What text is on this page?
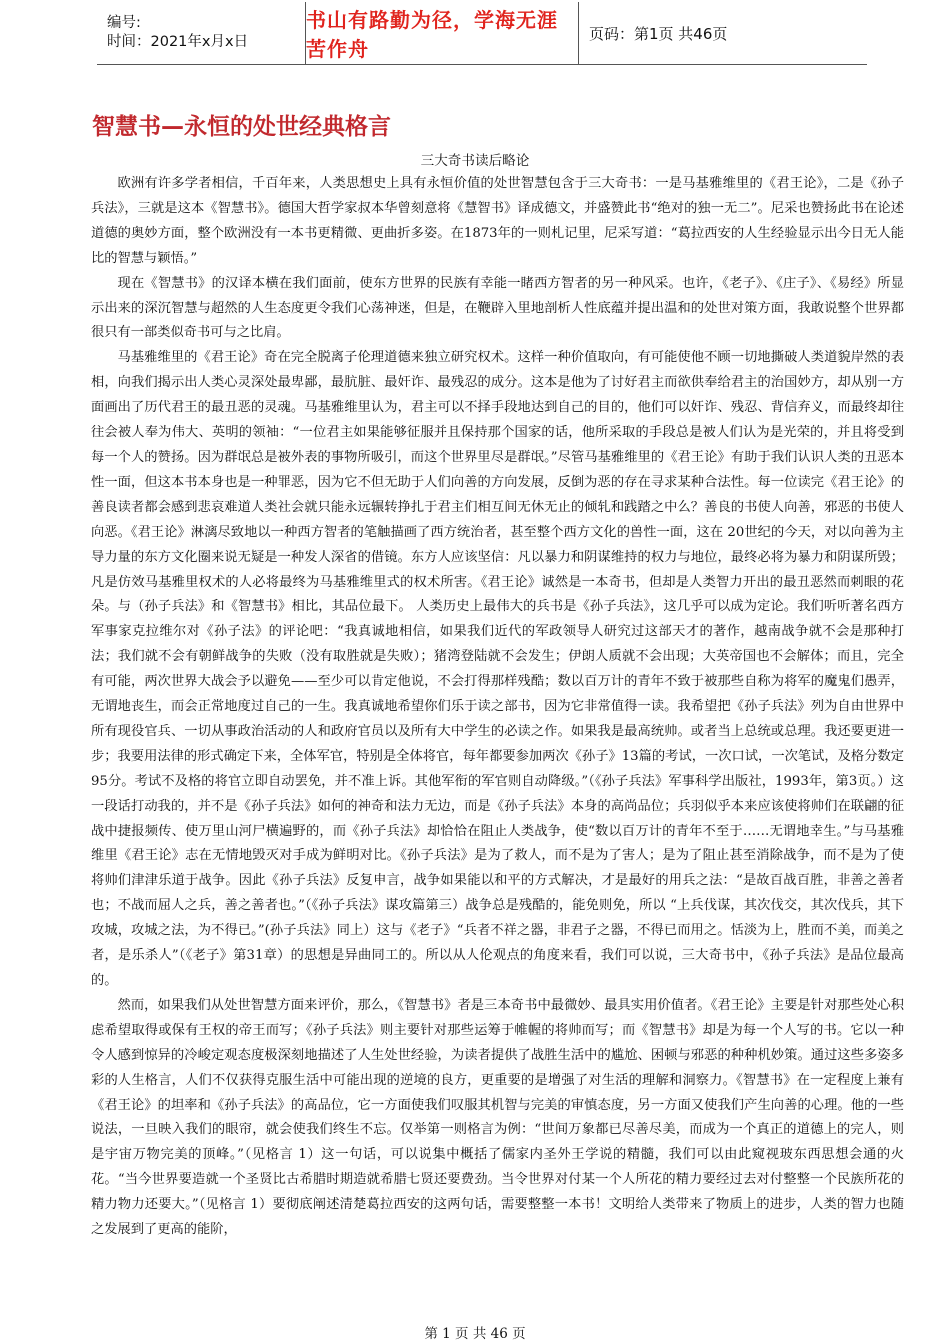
编号:
时间：2021年x月x日
书山有路勤为径，学海无涯苦作舟
页码：第1页 共46页
智慧书—永恒的处世经典格言
三大奇书读后略论

欧洲有许多学者相信，千百年来，人类思想史上具有永恒价值的处世智慧包含于三大奇书：一是马基雅维里的《君王论》，二是《孙子兵法》，三就是这本《智慧书》。德国大哲学家叔本华曾刻意将《慧智书》译成德文，并盛赞此书“绝对的独一无二”。尼采也赞扬此书在论述道德的奥妙方面，整个欧洲没有一本书更精微、更曲折多姿。在1873年的一则札记里，尼采写道：“葛拉西安的人生经验显示出今日无人能比的智慧与颖悟。”

现在《智慧书》的汉译本横在我们面前，使东方世界的民族有幸能一睹西方智者的另一种风采。也许，《老子》、《庄子》、《易经》所显示出来的深沉智慧与超然的人生态度更令我们心荡神迷，但是，在鞭辟入里地剖析人性底蕴并提出温和的处世对策方面，我敢说整个世界都很只有一部类似奇书可与之比肩。

马基雅维里的《君王论》奇在完全脱离子伦理道德来独立研究权术。这样一种价值取向，有可能使他不顾一切地撕破人类道貌岸然的表相，向我们揭示出人类心灵深处最卑鄙，最肮脏、最奸诈、最残忍的成分。这本是他为了讨好君主而欲供奉给君主的治国妙方，却从别一方面画出了历代君王的最丑恶的灵魂。马基雅维里认为，君主可以不择手段地达到自己的目的，他们可以奸诈、残忍、背信弃义，而最终却往往会被人奉为伟大、英明的领袖：“一位君主如果能够征服并且保持那个国家的话，他所采取的手段总是被人们认为是光荣的，并且将受到每一个人的赞扬。因为群氓总是被外表的事物所吸引，而这个世界里尽是群氓。”尽管马基雅维里的《君王论》有助于我们认识人类的丑恶本性一面，但这本书本身也是一种罪恶，因为它不但无助于人们向善的方向发展，反倒为恶的存在寻求某种合法性。每一位读完《君王论》的善良读者都会感到悲哀难道人类社会就只能永远辗转挣扎于君主们相互间无休无止的倾轧和践踏之中么？善良的书使人向善，邪恶的书使人向恶。《君王论》淋漓尽致地以一种西方智者的笔触描画了西方统治者，甚至整个西方文化的兽性一面，这在 20世纪的今天，对以向善为主导力量的东方文化圈来说无疑是一种发人深省的借镜。东方人应该坚信：凡以暴力和阴谋维持的权力与地位，最终必将为暴力和阴谋所毁；凡是仿效马基雅里权术的人必将最终为马基雅维里式的权术所害。《君王论》诚然是一本奇书，但却是人类智力开出的最丑恶然而刺眼的花朵。与（孙子兵法》和《智慧书》相比，其品位最下。 人类历史上最伟大的兵书是《孙子兵法》，这几乎可以成为定论。我们听听著名西方军事家克拉维尔对《孙子法》的评论吧：“我真诚地相信，如果我们近代的军政领导人研究过这部天才的著作，越南战争就不会是那种打法；我们就不会有朝鲜战争的失败（没有取胜就是失败）；猪湾登陆就不会发生；伊朗人质就不会出现；大英帝国也不会解体；而且，完全有可能，两次世界大战会予以避免——至少可以肯定他说，不会打得那样残酷；数以百万计的青年不致于被那些自称为将军的魔鬼们愚弄，无谓地丧生，而会正常地度过自己的一生。我真诚地希望你们乐于读之部书，因为它非常值得一读。我希望把《孙子兵法》列为自由世界中所有现役官兵、一切从事政治活动的人和政府官员以及所有大中学生的必读之作。如果我是最高统帅。或者当上总统或总理。我还要更进一步；我要用法律的形式确定下来，全体军官，特别是全体将官，每年都要参加两次《孙子》13篇的考试，一次口试，一次笔试，及格分数定95分。考试不及格的将官立即自动罢免，并不准上诉。其他军衔的军官则自动降级。”（《孙子兵法》军事科学出版社，1993年，第3页。）这一段话打动我的，并不是《孙子兵法》如何的神奇和法力无边，而是《孙子兵法》本身的高尚品位；兵羽似乎本来应该使将帅们在联翩的征战中捷报频传、使万里山河尸横遍野的，而《孙子兵法》却恰恰在阻止人类战争，使“数以百万计的青年不至于……无谓地幸生。”与马基雅维里《君王论》志在无情地毁灭对手成为鲜明对比。《孙子兵法》是为了救人，而不是为了害人；是为了阻止甚至消除战争，而不是为了使将帅们津津乐道于战争。因此《孙子兵法》反复申言，战争如果能以和平的方式解决，才是最好的用兵之法：“是故百战百胜，非善之善者也；不战而屈人之兵，善之善者也。”（《孙子兵法》谋攻篇第三）战争总是残酷的，能免则免，所以 “上兵伐谋，其次伐交，其次伐兵，其下攻城，攻城之法，为不得已。”(孙子兵法》同上）这与《老子》“兵者不祥之器，非君子之器，不得已而用之。恬淡为上，胜而不美，而美之者，是乐杀人”（《老子》第31章）的思想是异曲同工的。所以从人伦观点的角度来看，我们可以说，三大奇书中，《孙子兵法》是品位最高的。

然而，如果我们从处世智慧方面来评价，那么，《智慧书》者是三本奇书中最微妙、最具实用价值者。《君王论》主要是针对那些处心积虑希望取得或保有王权的帝王而写；《孙子兵法》则主要针对那些运筹于帷幄的将帅而写；而《智慧书》却是为每一个人写的书。它以一种令人感到惊异的冷峻定观态度极深刻地描述了人生处世经验，为读者提供了战胜生活中的尴尬、困顿与邪恶的种种机妙策。通过这些多姿多彩的人生格言，人们不仅获得克服生活中可能出现的逆境的良方，更重要的是增强了对生活的理解和洞察力。《智慧书》在一定程度上兼有《君王论》的坦率和《孙子兵法》的高品位，它一方面使我们叹服其机智与完美的审慎态度，另一方面又使我们产生向善的心理。他的一些说法，一旦映入我们的眼帘，就会使我们终生不忘。仅举第一则格言为例：“世间万象都已尽善尽美，而成为一个真正的道德上的完人，则是宇宙万物完美的顶峰。”（见格言 1）这一句话，可以说集中概括了儒家内圣外王学说的精髓，我们可以由此窥视玻东西思想会通的火花。“当今世界要造就一个圣贤比古希腊时期造就希腊七贤还要费劲。当令世界对付某一个人所花的精力要经过去对付整整一个民族所花的精力物力还要大。”（见格言 1）要彻底阐述清楚葛拉西安的这两句话，需要整整一本书！文明给人类带来了物质上的进步，人类的智力也随之发展到了更高的能阶，

第 1 页 共 46 页
